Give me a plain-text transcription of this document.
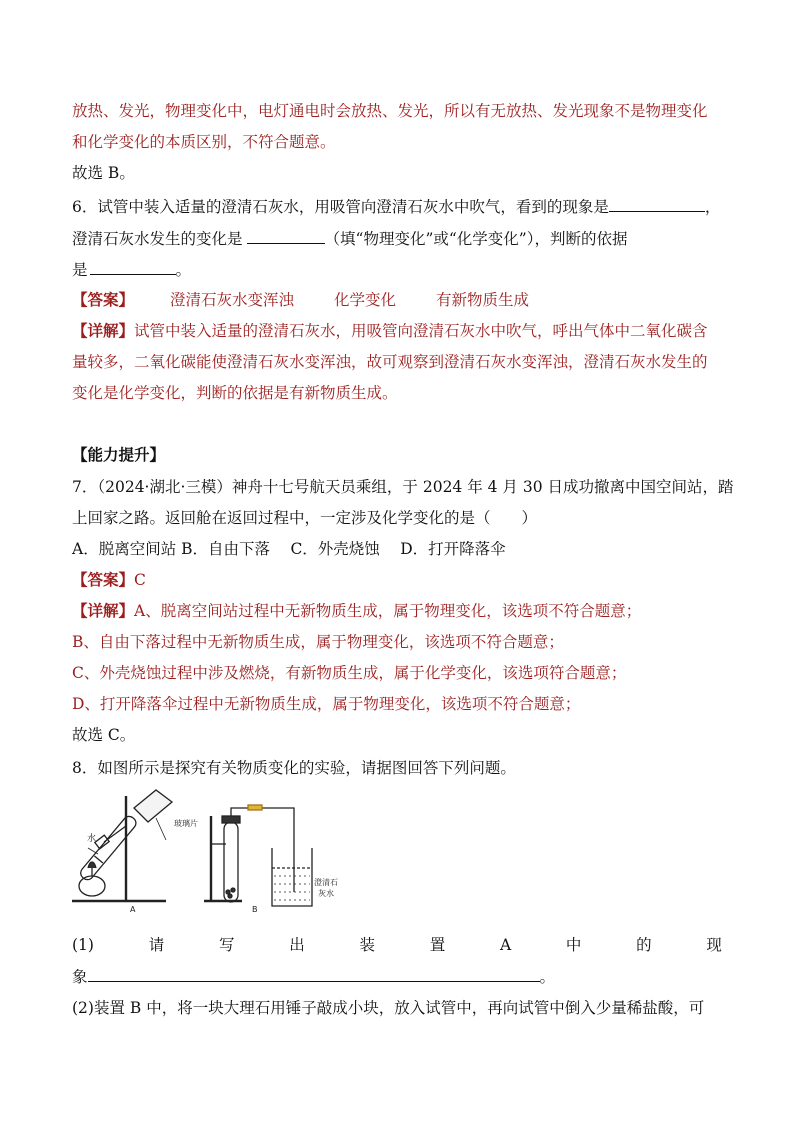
放热、发光，物理变化中，电灯通电时会放热、发光，所以有无放热、发光现象不是物理变化
和化学变化的本质区别，不符合题意。
故选 B。
6．试管中装入适量的澄清石灰水，用吸管向澄清石灰水中吹气，看到的现象是	，
澄清石灰水发生的变化是	（填“物理变化”或“化学变化”），判断的依据
是	。
【答案】 澄清石灰水变浑浊	化学变化	有新物质生成
【详解】试管中装入适量的澄清石灰水，用吸管向澄清石灰水中吹气，呼出气体中二氧化碳含
量较多，二氧化碳能使澄清石灰水变浑浊，故可观察到澄清石灰水变浑浊，澄清石灰水发生的
变化是化学变化，判断的依据是有新物质生成。
【能力提升】
7．（2024·湖北·三模）神舟十七号航天员乘组，于 2024 年 4 月 30 日成功撤离中国空间站，踏
上回家之路。返回舱在返回过程中，一定涉及化学变化的是（　　）
A．脱离空间站 B．自由下落　 C．外壳烧蚀　 D．打开降落伞
【答案】C
【详解】A、脱离空间站过程中无新物质生成，属于物理变化，该选项不符合题意；
B、自由下落过程中无新物质生成，属于物理变化，该选项不符合题意；
C、外壳烧蚀过程中涉及燃烧，有新物质生成，属于化学变化，该选项符合题意；
D、打开降落伞过程中无新物质生成，属于物理变化，该选项不符合题意；
故选 C。
8．如图所示是探究有关物质变化的实验，请据图回答下列问题。
水
玻璃片
A
澄清石
灰水
B
(1)	请	写	出	装	置	A	中	的	现
象	。
(2)装置 B 中，将一块大理石用锤子敲成小块，放入试管中，再向试管中倒入少量稀盐酸，可
